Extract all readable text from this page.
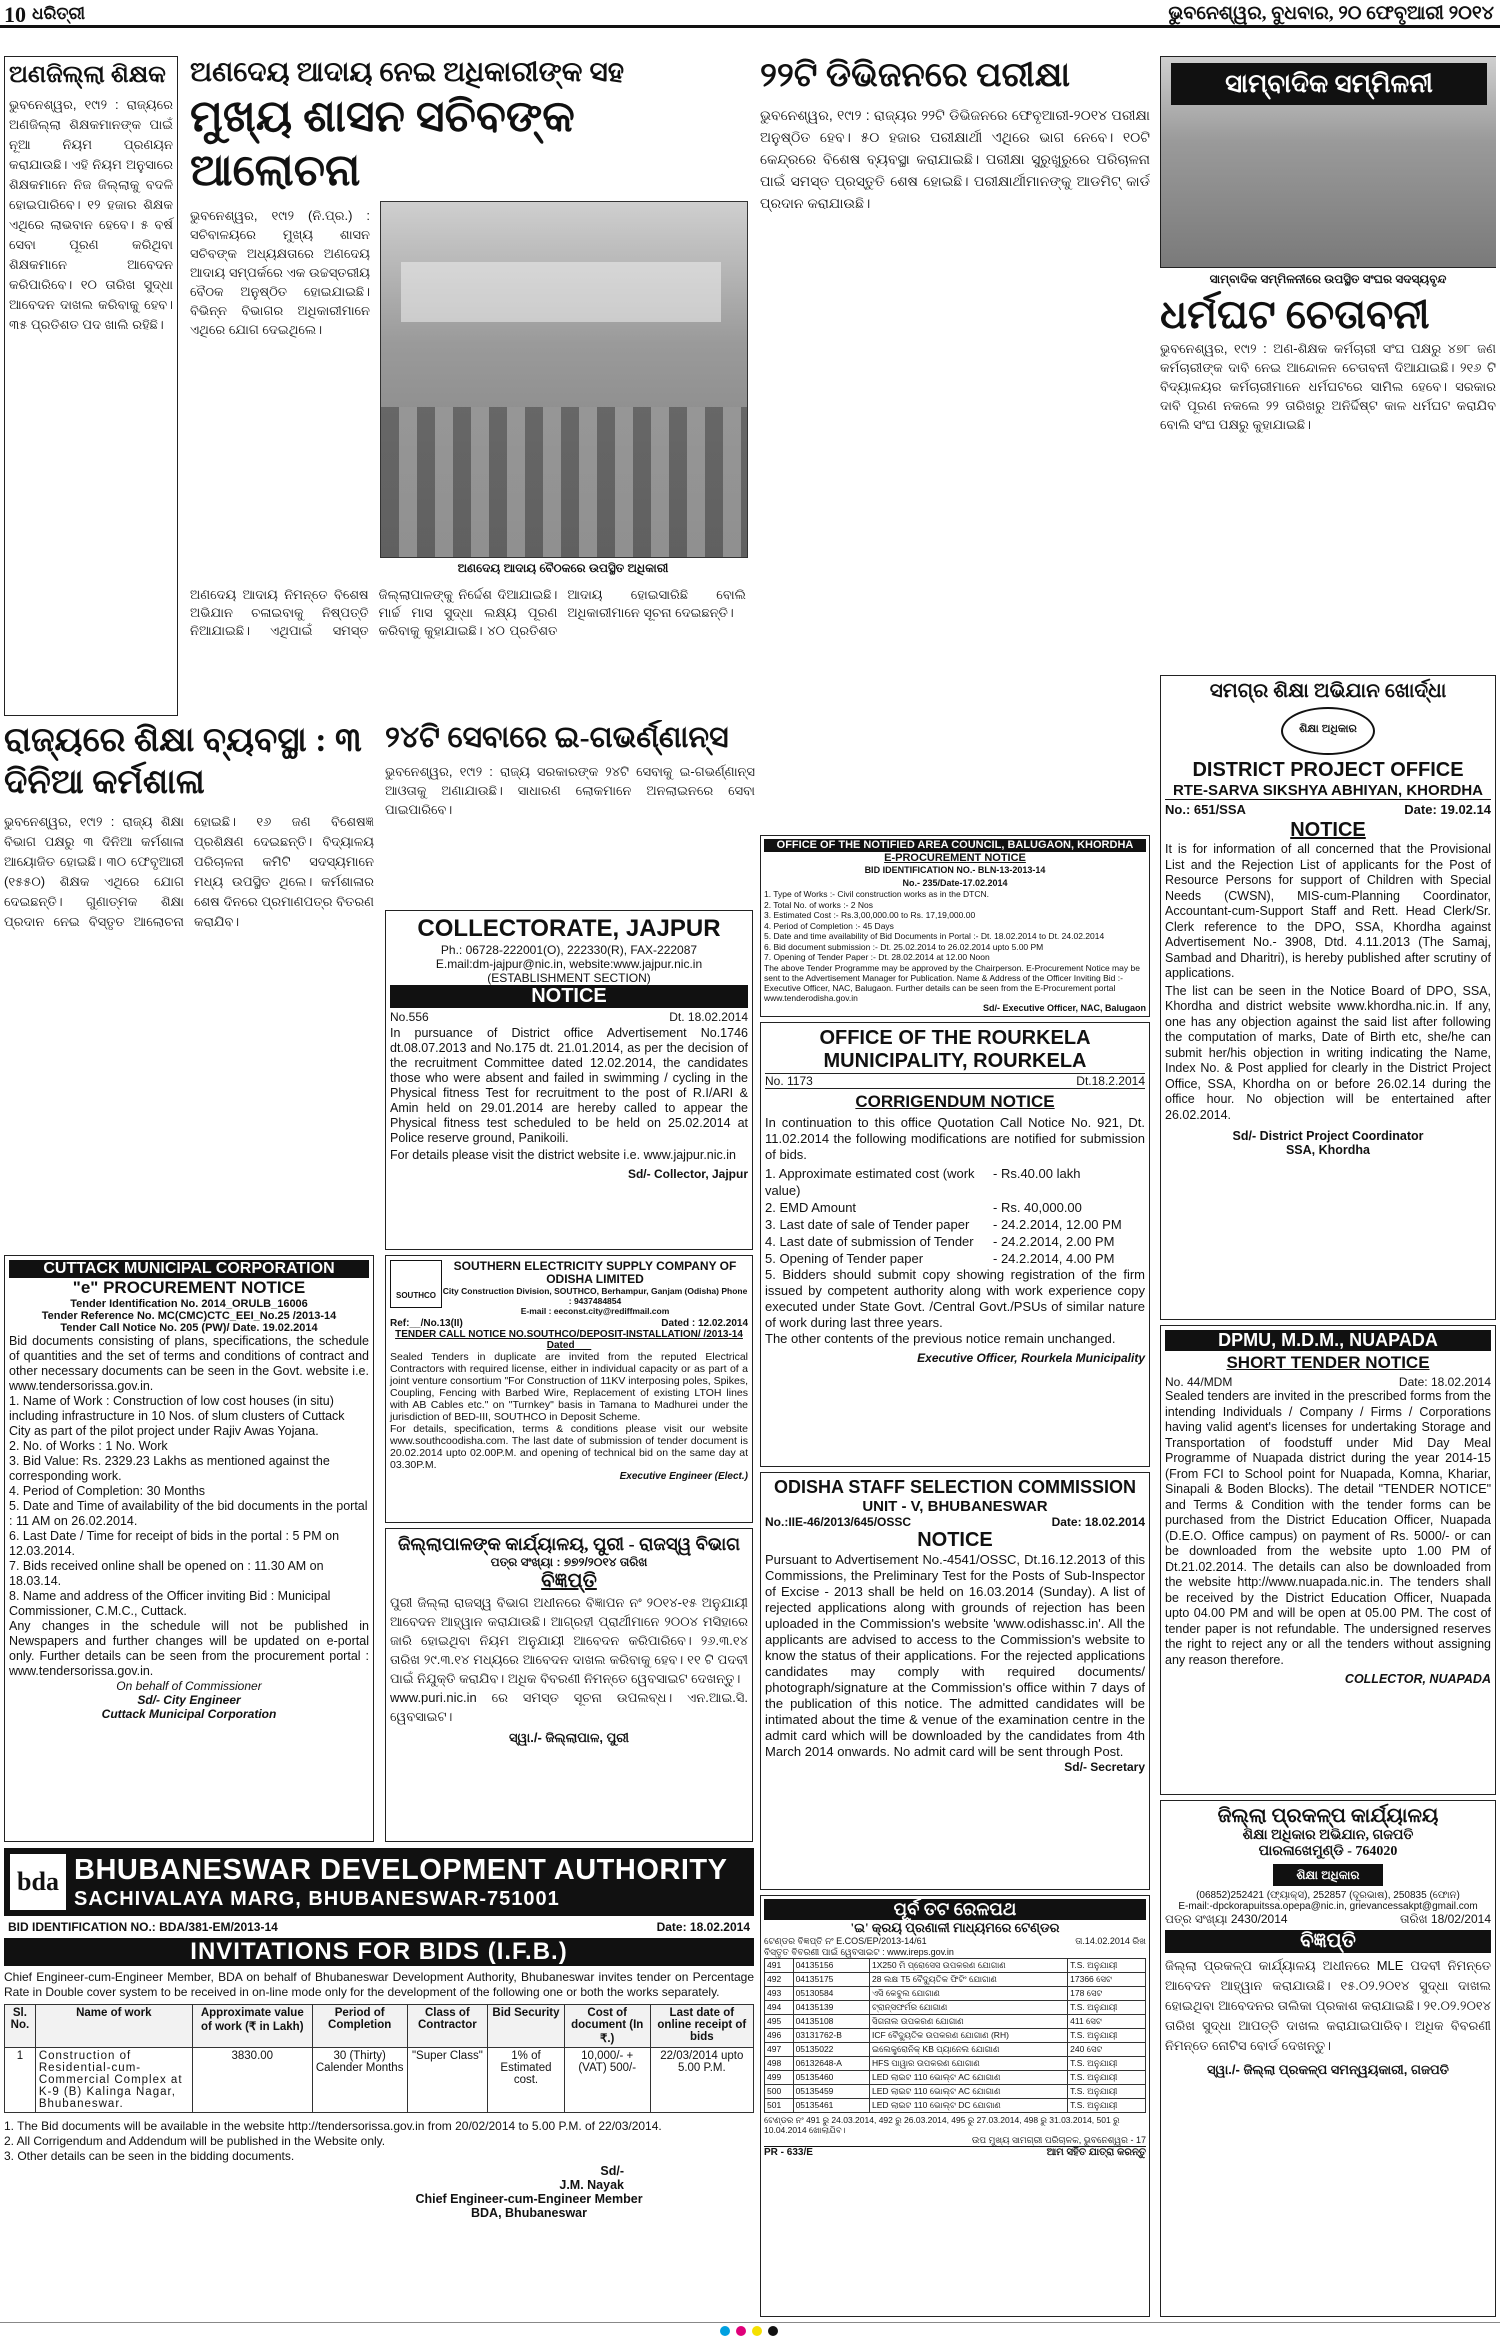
10 ଧରିତ୍ରୀ	ଭୁବନେଶ୍ୱର, ବୁଧବାର, ୨୦ ଫେବୃଆରୀ ୨୦୧୪
ଅଣଜିଲ୍ଲା ଶିକ୍ଷକ
ଭୁବନେଶ୍ୱର, ୧୯ା୨ : ରାଜ୍ୟରେ ଅଣଜିଲ୍ଲା ଶିକ୍ଷକମାନଙ୍କ ପାଇଁ ନୂଆ ନିୟମ ପ୍ରଣୟନ କରାଯାଉଛି। ଏହି ନିୟମ ଅନୁସାରେ ଶିକ୍ଷକମାନେ ନିଜ ଜିଲ୍ଲାକୁ ବଦଳି ହୋଇପାରିବେ। ୧୨ ହଜାର ଶିକ୍ଷକ ଏଥିରେ ଲାଭବାନ ହେବେ। ୫ ବର୍ଷ ସେବା ପୂରଣ କରିଥିବା ଶିକ୍ଷକମାନେ ଆବେଦନ କରିପାରିବେ। ୧୦ ତାରିଖ ସୁଦ୍ଧା ଆବେଦନ ଦାଖଲ କରିବାକୁ ହେବ। ୩୫ ପ୍ରତିଶତ ପଦ ଖାଲି ରହିଛି।
ଅଣଦେୟ ଆଦାୟ ନେଇ ଅଧିକାରୀଙ୍କ ସହ
ମୁଖ୍ୟ ଶାସନ ସଚିବଙ୍କ ଆଲୋଚନା
ଭୁବନେଶ୍ୱର, ୧୯ା୨ (ନି.ପ୍ର.) : ସଚିବାଳୟରେ ମୁଖ୍ୟ ଶାସନ ସଚିବଙ୍କ ଅଧ୍ୟକ୍ଷତାରେ ଅଣଦେୟ ଆଦାୟ ସମ୍ପର୍କରେ ଏକ ଉଚ୍ଚସ୍ତରୀୟ ବୈଠକ ଅନୁଷ୍ଠିତ ହୋଇଯାଇଛି। ବିଭିନ୍ନ ବିଭାଗର ଅଧିକାରୀମାନେ ଏଥିରେ ଯୋଗ ଦେଇଥିଲେ।
ଅଣଦେୟ ଆଦାୟ ବୈଠକରେ ଉପସ୍ଥିତ ଅଧିକାରୀ
ଅଣଦେୟ ଆଦାୟ ନିମନ୍ତେ ବିଶେଷ ଅଭିଯାନ ଚଳାଇବାକୁ ନିଷ୍ପତ୍ତି ନିଆଯାଇଛି। ଏଥିପାଇଁ ସମସ୍ତ ଜିଲ୍ଲାପାଳଙ୍କୁ ନିର୍ଦ୍ଦେଶ ଦିଆଯାଇଛି। ମାର୍ଚ୍ଚ ମାସ ସୁଦ୍ଧା ଲକ୍ଷ୍ୟ ପୂରଣ କରିବାକୁ କୁହାଯାଇଛି। ୪୦ ପ୍ରତିଶତ ଆଦାୟ ହୋଇସାରିଛି ବୋଲି ଅଧିକାରୀମାନେ ସୂଚନା ଦେଇଛନ୍ତି।
୨୨ଟି ଡିଭିଜନରେ ପରୀକ୍ଷା
ଭୁବନେଶ୍ୱର, ୧୯ା୨ : ରାଜ୍ୟର ୨୨ଟି ଡିଭିଜନରେ ଫେବୃଆରୀ-୨୦୧୪ ପରୀକ୍ଷା ଅନୁଷ୍ଠିତ ହେବ। ୫୦ ହଜାର ପରୀକ୍ଷାର୍ଥୀ ଏଥିରେ ଭାଗ ନେବେ। ୧୦ଟି କେନ୍ଦ୍ରରେ ବିଶେଷ ବ୍ୟବସ୍ଥା କରାଯାଇଛି। ପରୀକ୍ଷା ସୁରୁଖୁରୁରେ ପରିଚାଳନା ପାଇଁ ସମସ୍ତ ପ୍ରସ୍ତୁତି ଶେଷ ହୋଇଛି। ପରୀକ୍ଷାର୍ଥୀମାନଙ୍କୁ ଆଡମିଟ୍ କାର୍ଡ ପ୍ରଦାନ କରାଯାଉଛି।
ସାମ୍ବାଦିକ ସମ୍ମିଳନୀ
ସାମ୍ବାଦିକ ସମ୍ମିଳନୀରେ ଉପସ୍ଥିତ ସଂଘର ସଦସ୍ୟବୃନ୍ଦ
ଧର୍ମଘଟ ଚେତାବନୀ
ଭୁବନେଶ୍ୱର, ୧୯ା୨ : ଅଣ-ଶିକ୍ଷକ କର୍ମଚାରୀ ସଂଘ ପକ୍ଷରୁ ୪୭୮ ଜଣ କର୍ମଚାରୀଙ୍କ ଦାବି ନେଇ ଆନ୍ଦୋଳନ ଚେତାବନୀ ଦିଆଯାଇଛି। ୨୧୬ ଟି ବିଦ୍ୟାଳୟର କର୍ମଚାରୀମାନେ ଧର୍ମଘଟରେ ସାମିଲ ହେବେ। ସରକାର ଦାବି ପୂରଣ ନକଲେ ୨୨ ତାରିଖରୁ ଅନିର୍ଦ୍ଦିଷ୍ଟ କାଳ ଧର୍ମଘଟ କରାଯିବ ବୋଲି ସଂଘ ପକ୍ଷରୁ କୁହାଯାଇଛି।
ରାଜ୍ୟରେ ଶିକ୍ଷା ବ୍ୟବସ୍ଥା : ୩ ଦିନିଆ କର୍ମଶାଳା
ଭୁବନେଶ୍ୱର, ୧୯ା୨ : ରାଜ୍ୟ ଶିକ୍ଷା ବିଭାଗ ପକ୍ଷରୁ ୩ ଦିନିଆ କର୍ମଶାଳା ଆୟୋଜିତ ହୋଇଛି। ୩୦ ଫେବୃଆରୀ (୧୫୫୦) ଶିକ୍ଷକ ଏଥିରେ ଯୋଗ ଦେଇଛନ୍ତି। ଗୁଣାତ୍ମକ ଶିକ୍ଷା ପ୍ରଦାନ ନେଇ ବିସ୍ତୃତ ଆଲୋଚନା ହୋଇଛି। ୧୬ ଜଣ ବିଶେଷଜ୍ଞ ପ୍ରଶିକ୍ଷଣ ଦେଇଛନ୍ତି। ବିଦ୍ୟାଳୟ ପରିଚାଳନା କମିଟି ସଦସ୍ୟମାନେ ମଧ୍ୟ ଉପସ୍ଥିତ ଥିଲେ। କର୍ମଶାଳାର ଶେଷ ଦିନରେ ପ୍ରମାଣପତ୍ର ବିତରଣ କରାଯିବ।
୨୪ଟି ସେବାରେ ଇ-ଗଭର୍ଣ୍ଣାନ୍ସ
ଭୁବନେଶ୍ୱର, ୧୯ା୨ : ରାଜ୍ୟ ସରକାରଙ୍କ ୨୪ଟି ସେବାକୁ ଇ-ଗଭର୍ଣ୍ଣାନ୍ସ ଆଓତାକୁ ଅଣାଯାଉଛି। ସାଧାରଣ ଲୋକମାନେ ଅନଲାଇନରେ ସେବା ପାଇପାରିବେ।
OFFICE OF THE NOTIFIED AREA COUNCIL, BALUGAON, KHORDHA
E-PROCUREMENT NOTICE
BID IDENTIFICATION NO.- BLN-13-2013-14
No.- 235/Date-17.02.2014
1. Type of Works :- Civil construction works as in the DTCN.
2. Total No. of works :- 2 Nos
3. Estimated Cost :- Rs.3,00,000.00 to Rs. 17,19,000.00
4. Period of Completion :- 45 Days
5. Date and time availability of Bid Documents in Portal :- Dt. 18.02.2014 to Dt. 24.02.2014
6. Bid document submission :- Dt. 25.02.2014 to 26.02.2014 upto 5.00 PM
7. Opening of Tender Paper :- Dt. 28.02.2014 at 12.00 Noon
The above Tender Programme may be approved by the Chairperson. E-Procurement Notice may be sent to the Advertisement Manager for Publication. Name & Address of the Officer Inviting Bid :- Executive Officer, NAC, Balugaon. Further details can be seen from the E-Procurement portal www.tenderodisha.gov.in
Sd/- Executive Officer, NAC, Balugaon
COLLECTORATE, JAJPUR
Ph.: 06728-222001(O), 222330(R), FAX-222087
E.mail:dm-jajpur@nic.in, website:www.jajpur.nic.in
(ESTABLISHMENT SECTION)
NOTICE
No.556	Dt. 18.02.2014
In pursuance of District office Advertisement No.1746 dt.08.07.2013 and No.175 dt. 21.01.2014, as per the decision of the recruitment Committee dated 12.02.2014, the candidates those who were absent and failed in swimming / cycling in the Physical fitness Test for recruitment to the post of R.I/ARI & Amin held on 29.01.2014 are hereby called to appear the Physical fitness test scheduled to be held on 25.02.2014 at Police reserve ground, Panikoili.
For details please visit the district website i.e. www.jajpur.nic.in
Sd/- Collector, Jajpur
OFFICE OF THE ROURKELA MUNICIPALITY, ROURKELA
No. 1173	Dt.18.2.2014
CORRIGENDUM NOTICE
In continuation to this office Quotation Call Notice No. 921, Dt. 11.02.2014 the following modifications are notified for submission of bids.
1. Approximate estimated cost (work value)
- Rs.40.00 lakh
2. EMD Amount	- Rs. 40,000.00
3. Last date of sale of Tender paper	- 24.2.2014, 12.00 PM
4. Last date of submission of Tender	- 24.2.2014, 2.00 PM
5. Opening of Tender paper	- 24.2.2014, 4.00 PM
5. Bidders should submit copy showing registration of the firm issued by competent authority along with work experience copy executed under State Govt. /Central Govt./PSUs of similar nature of work during last three years.
The other contents of the previous notice remain unchanged.
Executive Officer, Rourkela Municipality
ସମଗ୍ର ଶିକ୍ଷା ଅଭିଯାନ ଖୋର୍ଦ୍ଧା
ଶିକ୍ଷା ଅଧିକାର
DISTRICT PROJECT OFFICE
RTE-SARVA SIKSHYA ABHIYAN, KHORDHA
No.: 651/SSA	Date: 19.02.14
NOTICE
It is for information of all concerned that the Provisional List and the Rejection List of applicants for the Post of Resource Persons for support of Children with Special Needs (CWSN), MIS-cum-Planning Coordinator, Accountant-cum-Support Staff and Rett. Head Clerk/Sr. Clerk reference to the DPO, SSA, Khordha against Advertisement No.- 3908, Dtd. 4.11.2013 (The Samaj, Sambad and Dharitri), is hereby published after scrutiny of applications.
The list can be seen in the Notice Board of DPO, SSA, Khordha and district website www.khordha.nic.in. If any, one has any objection against the said list after following the computation of marks, Date of Birth etc, she/he can submit her/his objection in writing indicating the Name, Index No. & Post applied for clearly in the District Project Office, SSA, Khordha on or before 26.02.14 during the office hour. No objection will be entertained after 26.02.2014.
Sd/- District Project Coordinator
SSA, Khordha
CUTTACK MUNICIPAL CORPORATION
"e" PROCUREMENT NOTICE
Tender Identification No. 2014_ORULB_16006
Tender Reference No. MC(CMC)CTC_EEI_No.25 /2013-14
Tender Call Notice No. 205 (PW)/ Date. 19.02.2014
Bid documents consisting of plans, specifications, the schedule of quantities and the set of terms and conditions of contract and other necessary documents can be seen in the Govt. website i.e. www.tendersorissa.gov.in.
1. Name of Work : Construction of low cost houses (in situ) including infrastructure in 10 Nos. of slum clusters of Cuttack City as part of the pilot project under Rajiv Awas Yojana.
2. No. of Works : 1 No. Work
3. Bid Value: Rs. 2329.23 Lakhs as mentioned against the corresponding work.
4. Period of Completion: 30 Months
5. Date and Time of availability of the bid documents in the portal : 11 AM on 26.02.2014.
6. Last Date / Time for receipt of bids in the portal : 5 PM on 12.03.2014.
7. Bids received online shall be opened on : 11.30 AM on 18.03.14.
8. Name and address of the Officer inviting Bid : Municipal Commissioner, C.M.C., Cuttack.
Any changes in the schedule will not be published in Newspapers and further changes will be updated on e-portal only. Further details can be seen from the procurement portal : www.tendersorissa.gov.in.
On behalf of Commissioner
Sd/- City Engineer
Cuttack Municipal Corporation
SOUTHCO
SOUTHERN ELECTRICITY SUPPLY COMPANY OF ODISHA LIMITED
City Construction Division, SOUTHCO, Berhampur, Ganjam (Odisha) Phone : 9437484854
E-mail : eeconst.city@rediffmail.com
Ref:__/No.13(II)	Dated : 12.02.2014
TENDER CALL NOTICE NO.SOUTHCO/DEPOSIT-INSTALLATION/ /2013-14 Dated___
Sealed Tenders in duplicate are invited from the reputed Electrical Contractors with required license, either in individual capacity or as part of a joint venture consortium "For Construction of 11KV interposing poles, Spikes, Coupling, Fencing with Barbed Wire, Replacement of existing LTOH lines with AB Cables etc." on "Turnkey" basis in Tamana to Madhurei under the jurisdiction of BED-III, SOUTHCO in Deposit Scheme.
For details, specification, terms & conditions please visit our website www.southcoodisha.com. The last date of submission of tender document is 20.02.2014 upto 02.00P.M. and opening of technical bid on the same day at 03.30P.M.
Executive Engineer (Elect.)
ଜିଲ୍ଲାପାଳଙ୍କ କାର୍ଯ୍ୟାଳୟ, ପୁରୀ - ରାଜସ୍ୱ ବିଭାଗ
ପତ୍ର ସଂଖ୍ୟା : ୭୭୨/୨୦୧୪ ତାରିଖ
ବିଜ୍ଞପ୍ତି
ପୁରୀ ଜିଲ୍ଲା ରାଜସ୍ୱ ବିଭାଗ ଅଧୀନରେ ବିଜ୍ଞାପନ ନଂ ୨୦୧୪-୧୫ ଅନୁଯାୟୀ ଆବେଦନ ଆହ୍ୱାନ କରାଯାଉଛି। ଆଗ୍ରହୀ ପ୍ରାର୍ଥୀମାନେ ୨୦୦୪ ମସିହାରେ ଜାରି ହୋଇଥିବା ନିୟମ ଅନୁଯାୟୀ ଆବେଦନ କରିପାରିବେ। ୨୬.୩.୧୪ ତାରିଖ ୨୯.୩.୧୪ ମଧ୍ୟରେ ଆବେଦନ ଦାଖଲ କରିବାକୁ ହେବ। ୧୧ ଟି ପଦବୀ ପାଇଁ ନିଯୁକ୍ତି କରାଯିବ। ଅଧିକ ବିବରଣୀ ନିମନ୍ତେ ୱେବସାଇଟ ଦେଖନ୍ତୁ।
www.puri.nic.in ରେ ସମସ୍ତ ସୂଚନା ଉପଲବ୍ଧ। ଏନ.ଆଇ.ସି. ୱେବସାଇଟ।
ସ୍ୱା./- ଜିଲ୍ଲାପାଳ, ପୁରୀ
ODISHA STAFF SELECTION COMMISSION
UNIT - V, BHUBANESWAR
No.:IIE-46/2013/645/OSSC	Date: 18.02.2014
NOTICE
Pursuant to Advertisement No.-4541/OSSC, Dt.16.12.2013 of this Commissions, the Preliminary Test for the Posts of Sub-Inspector of Excise - 2013 shall be held on 16.03.2014 (Sunday). A list of rejected applications along with grounds of rejection has been uploaded in the Commission's website 'www.odishassc.in'. All the applicants are advised to access to the Commission's website to know the status of their applications. For the rejected applications candidates may comply with required documents/ photograph/signature at the Commission's office within 7 days of the publication of this notice. The admitted candidates will be intimated about the time & venue of the examination centre in the admit card which will be downloaded by the candidates from 4th March 2014 onwards. No admit card will be sent through Post.
Sd/- Secretary
DPMU, M.D.M., NUAPADA
SHORT TENDER NOTICE
No. 44/MDM	Date: 18.02.2014
Sealed tenders are invited in the prescribed forms from the intending Individuals / Company / Firms / Corporations having valid agent's licenses for undertaking Storage and Transportation of foodstuff under Mid Day Meal Programme of Nuapada district during the year 2014-15 (From FCI to School point for Nuapada, Komna, Khariar, Sinapali & Boden Blocks). The detail "TENDER NOTICE" and Terms & Condition with the tender forms can be purchased from the District Education Officer, Nuapada (D.E.O. Office campus) on payment of Rs. 5000/- or can be downloaded from the website upto 1.00 PM of Dt.21.02.2014. The details can also be downloaded from the website http://www.nuapada.nic.in. The tenders shall be received by the District Education Officer, Nuapada upto 04.00 PM and will be open at 05.00 PM. The cost of tender paper is not refundable. The undersigned reserves the right to reject any or all the tenders without assigning any reason therefore.
COLLECTOR, NUAPADA
ପୂର୍ବ ତଟ ରେଳପଥ
'ଇ' କ୍ରୟ ପ୍ରଣାଳୀ ମାଧ୍ୟମରେ ଟେଣ୍ଡର
ଟେଣ୍ଡର ବିଜ୍ଞପ୍ତି ନଂ E.COS/EP/2013-14/61	ତା.14.02.2014 ରିଖ
ବିସ୍ତୃତ ବିବରଣୀ ପାଇଁ ୱେବସାଇଟ : www.ireps.gov.in
491	04135156	1X250 ମି ପ୍ରୋସେସ ଉପକରଣ ଯୋଗାଣ	T.S. ଅନୁଯାୟୀ
492	04135175	28 ଲକ୍ଷ T5 ବୈଦ୍ୟୁତିକ ଫିଟିଂ ଯୋଗାଣ	17366 ସେଟ
493	05130584	ଏସି କେବୁଲ ଯୋଗାଣ	178 ସେଟ
494	04135139	ଟ୍ରାନ୍ସଫର୍ମର ଯୋଗାଣ	T.S. ଅନୁଯାୟୀ
495	04135108	ସିଗନାଲ ଉପକରଣ ଯୋଗାଣ	411 ସେଟ
496	03131762-B	ICF ବୈଦ୍ୟୁତିକ ଉପକରଣ ଯୋଗାଣ (RH)	T.S. ଅନୁଯାୟୀ
497	05135022	ଇଲେକ୍ଟ୍ରୋନିକ୍ KB ପ୍ୟାନେଲ ଯୋଗାଣ	240 ସେଟ
498	06132648-A	HFS ପାୱାର ଉପକରଣ ଯୋଗାଣ	T.S. ଅନୁଯାୟୀ
499	05135460	LED ଲାଇଟ 110 ଭୋଲ୍ଟ AC ଯୋଗାଣ	T.S. ଅନୁଯାୟୀ
500	05135459	LED ଲାଇଟ 110 ଭୋଲ୍ଟ AC ଯୋଗାଣ	T.S. ଅନୁଯାୟୀ
501	05135461	LED ଲାଇଟ 110 ଭୋଲ୍ଟ DC ଯୋଗାଣ	T.S. ଅନୁଯାୟୀ
ଟେଣ୍ଡର ନଂ 491 ରୁ 24.03.2014, 492 ରୁ 26.03.2014, 495 ରୁ 27.03.2014, 498 ରୁ 31.03.2014, 501 ରୁ 10.04.2014 ଖୋଲାଯିବ।
ଉପ ମୁଖ୍ୟ ସାମଗ୍ରୀ ପରିଚାଳକ, ଭୁବନେଶ୍ୱର - 17
PR - 633/E	ଆମ ସହିତ ଯାତ୍ରା କରନ୍ତୁ
ଜିଲ୍ଲା ପ୍ରକଳ୍ପ କାର୍ଯ୍ୟାଳୟ
ଶିକ୍ଷା ଅଧିକାର ଅଭିଯାନ, ଗଜପତି
ପାରଳାଖେମୁଣ୍ଡି - 764020
ଶିକ୍ଷା ଅଧିକାର
(06852)252421 (ଫ୍ୟାକ୍ସ), 252857 (ଦୂରଭାଷ), 250835 (ଫୋନ)
E-mail:-dpckorapuitssa.opepa@nic.in, grievancessakpt@gmail.com
ପତ୍ର ସଂଖ୍ୟା 2430/2014	ତାରିଖ 18/02/2014
ବିଜ୍ଞପ୍ତି
ଜିଲ୍ଲା ପ୍ରକଳ୍ପ କାର୍ଯ୍ୟାଳୟ ଅଧୀନରେ MLE ପଦବୀ ନିମନ୍ତେ ଆବେଦନ ଆହ୍ୱାନ କରାଯାଉଛି। ୧୫.୦୨.୨୦୧୪ ସୁଦ୍ଧା ଦାଖଲ ହୋଇଥିବା ଆବେଦନର ତାଲିକା ପ୍ରକାଶ କରାଯାଇଛି। ୨୧.୦୨.୨୦୧୪ ତାରିଖ ସୁଦ୍ଧା ଆପତ୍ତି ଦାଖଲ କରାଯାଇପାରିବ। ଅଧିକ ବିବରଣୀ ନିମନ୍ତେ ନୋଟିସ ବୋର୍ଡ ଦେଖନ୍ତୁ।
ସ୍ୱା./- ଜିଲ୍ଲା ପ୍ରକଳ୍ପ ସମନ୍ୱୟକାରୀ, ଗଜପତି
bda BHUBANESWAR DEVELOPMENT AUTHORITY
SACHIVALAYA MARG, BHUBANESWAR-751001
BID IDENTIFICATION NO.: BDA/381-EM/2013-14	Date: 18.02.2014
INVITATIONS FOR BIDS (I.F.B.)
Chief Engineer-cum-Engineer Member, BDA on behalf of Bhubaneswar Development Authority, Bhubaneswar invites tender on Percentage Rate in Double cover system to be received in on-line mode only for the development of the following one or both the works separately.
Sl. No.	Name of work	Approximate value of work (₹ in Lakh)	Period of Completion	Class of Contractor	Bid Security	Cost of document (In ₹.)	Last date of online receipt of bids
1	Construction of Residential-cum-Commercial Complex at K-9 (B) Kalinga Nagar, Bhubaneswar.	3830.00	30 (Thirty) Calender Months	"Super Class"	1% of Estimated cost.	10,000/- + (VAT) 500/-	22/03/2014 upto 5.00 P.M.
1. The Bid documents will be available in the website http://tendersorissa.gov.in from 20/02/2014 to 5.00 P.M. of 22/03/2014.
2. All Corrigendum and Addendum will be published in the Website only.
3. Other details can be seen in the bidding documents.
Sd/-
J.M. Nayak
Chief Engineer-cum-Engineer Member
BDA, Bhubaneswar
